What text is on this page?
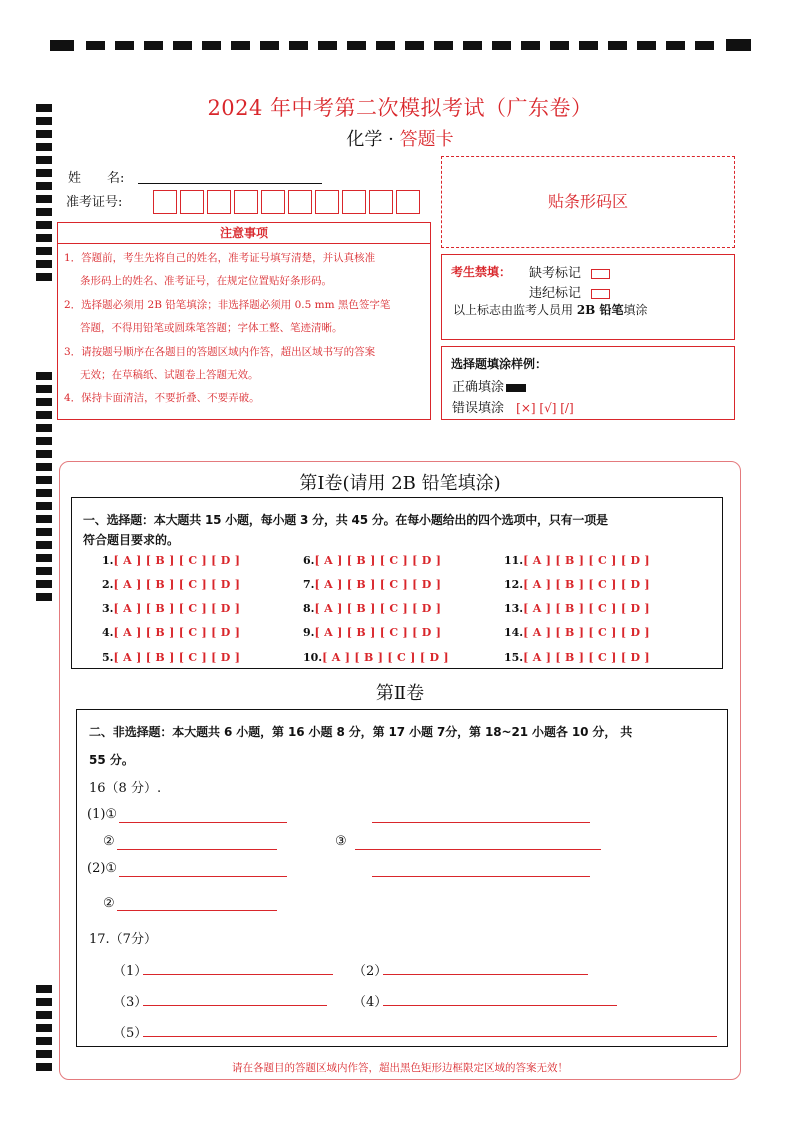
2024 年中考第二次模拟考试（广东卷）
化学 · 答题卡
姓　　名:
准考证号:	贴条形码区
注意事项
1．答题前，考生先将自己的姓名，准考证号填写清楚，并认真核准
条形码上的姓名、准考证号，在规定位置贴好条形码。
2．选择题必须用 2B 铅笔填涂；非选择题必须用 0.5 mm 黑色签字笔
答题，不得用铅笔或圆珠笔答题；字体工整、笔迹清晰。
3．请按题号顺序在各题目的答题区域内作答，超出区域书写的答案
无效；在草稿纸、试题卷上答题无效。
4．保持卡面清洁，不要折叠、不要弄破。
考生禁填： 缺考标记
违纪标记
以上标志由监考人员用 2B 铅笔填涂
选择题填涂样例：
正确填涂
错误填涂 [×] [√] [/]
第Ⅰ卷(请用 2B 铅笔填涂)
一、选择题：本大题共 15 小题，每小题 3 分，共 45 分。在每小题给出的四个选项中，只有一项是
符合题目要求的。
1.[ A ] [ B ] [ C ] [ D ]
2.[ A ] [ B ] [ C ] [ D ]
3.[ A ] [ B ] [ C ] [ D ]
4.[ A ] [ B ] [ C ] [ D ]
5.[ A ] [ B ] [ C ] [ D ]
6.[ A ] [ B ] [ C ] [ D ]
7.[ A ] [ B ] [ C ] [ D ]
8.[ A ] [ B ] [ C ] [ D ]
9.[ A ] [ B ] [ C ] [ D ]
10.[ A ] [ B ] [ C ] [ D ]
11.[ A ] [ B ] [ C ] [ D ]
12.[ A ] [ B ] [ C ] [ D ]
13.[ A ] [ B ] [ C ] [ D ]
14.[ A ] [ B ] [ C ] [ D ]
15.[ A ] [ B ] [ C ] [ D ]
第Ⅱ卷
二、非选择题：本大题共 6 小题，第 16 小题 8 分，第 17 小题 7分，第 18~21 小题各 10 分， 共
55 分。
16（8 分）.
(1)①
②	③
(2)①
②
17.（7分）
（1）	（2）
（3）	（4）
（5）
请在各题目的答题区域内作答，超出黑色矩形边框限定区域的答案无效！
